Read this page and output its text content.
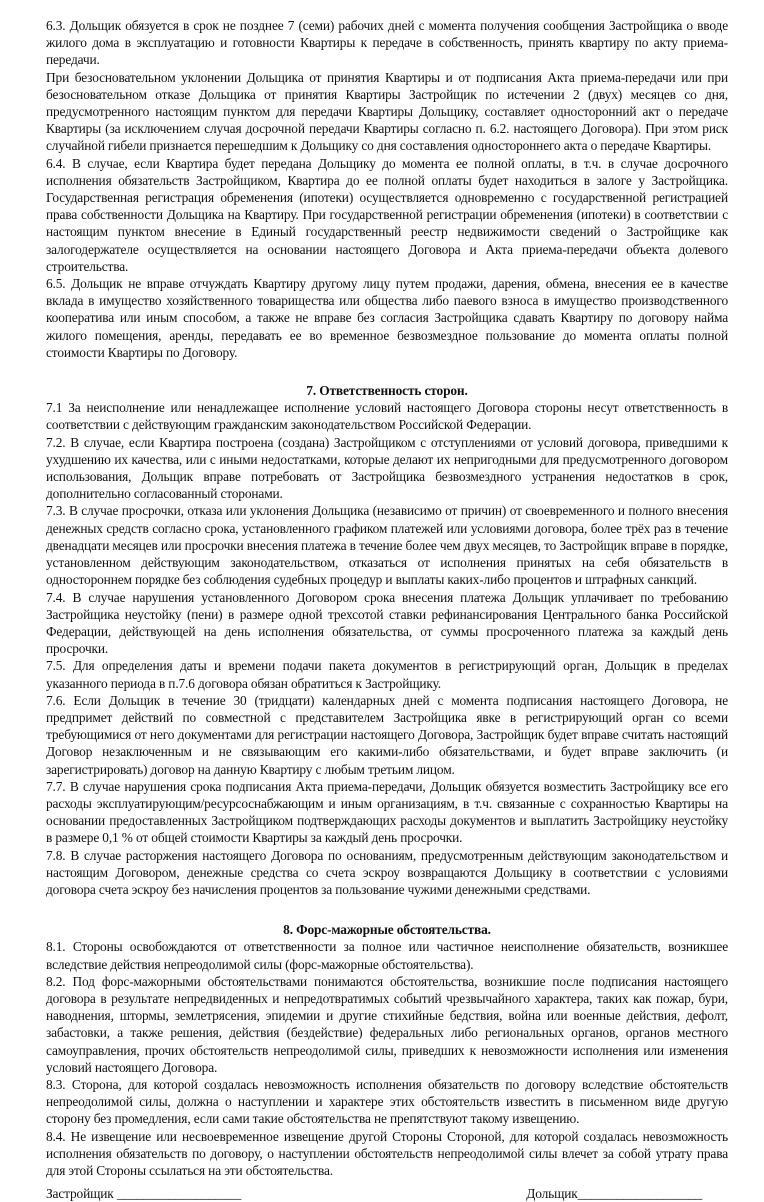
6.3. Дольщик обязуется в срок не позднее 7 (семи) рабочих дней с момента получения сообщения Застройщика о вводе жилого дома в эксплуатацию и готовности Квартиры к передаче в собственность, принять квартиру по акту приема-передачи.

При безосновательном уклонении Дольщика от принятия Квартиры и от подписания Акта приема-передачи или при безосновательном отказе Дольщика от принятия Квартиры Застройщик по истечении 2 (двух) месяцев со дня, предусмотренного настоящим пунктом для передачи Квартиры Дольщику, составляет односторонний акт о передаче Квартиры (за исключением случая досрочной передачи Квартиры согласно п. 6.2. настоящего Договора). При этом риск случайной гибели признается перешедшим к Дольщику со дня составления одностороннего акта о передаче Квартиры.

6.4. В случае, если Квартира будет передана Дольщику до момента ее полной оплаты, в т.ч. в случае досрочного исполнения обязательств Застройщиком, Квартира до ее полной оплаты будет находиться в залоге у Застройщика. Государственная регистрация обременения (ипотеки) осуществляется одновременно с государственной регистрацией права собственности Дольщика на Квартиру. При государственной регистрации обременения (ипотеки) в соответствии с настоящим пунктом внесение в Единый государственный реестр недвижимости сведений о Застройщике как залогодержателе осуществляется на основании настоящего Договора и Акта приема-передачи объекта долевого строительства.

6.5. Дольщик не вправе отчуждать Квартиру другому лицу путем продажи, дарения, обмена, внесения ее в качестве вклада в имущество хозяйственного товарищества или общества либо паевого взноса в имущество производственного кооператива или иным способом, а также не вправе без согласия Застройщика сдавать Квартиру по договору найма жилого помещения, аренды, передавать ее во временное безвозмездное пользование до момента оплаты полной стоимости Квартиры по Договору.

7. Ответственность сторон.

7.1 За неисполнение или ненадлежащее исполнение условий настоящего Договора стороны несут ответственность в соответствии с действующим гражданским законодательством Российской Федерации.

7.2. В случае, если Квартира построена (создана) Застройщиком с отступлениями от условий договора, приведшими к ухудшению их качества, или с иными недостатками, которые делают их непригодными для предусмотренного договором использования, Дольщик вправе потребовать от Застройщика безвозмездного устранения недостатков в срок, дополнительно согласованный сторонами.

7.3. В случае просрочки, отказа или уклонения Дольщика (независимо от причин) от своевременного и полного внесения денежных средств согласно срока, установленного графиком платежей или условиями договора, более трёх раз в течение двенадцати месяцев или просрочки внесения платежа в течение более чем двух месяцев, то Застройщик вправе в порядке, установленном действующим законодательством, отказаться от исполнения принятых на себя обязательств в одностороннем порядке без соблюдения судебных процедур и выплаты каких-либо процентов и штрафных санкций.

7.4. В случае нарушения установленного Договором срока внесения платежа Дольщик уплачивает по требованию Застройщика неустойку (пени) в размере одной трехсотой ставки рефинансирования Центрального банка Российской Федерации, действующей на день исполнения обязательства, от суммы просроченного платежа за каждый день просрочки.

7.5. Для определения даты и времени подачи пакета документов в регистрирующий орган, Дольщик в пределах указанного периода в п.7.6 договора обязан обратиться к Застройщику.

7.6. Если Дольщик в течение 30 (тридцати) календарных дней с момента подписания настоящего Договора, не предпримет действий по совместной с представителем Застройщика явке в регистрирующий орган со всеми требующимися от него документами для регистрации настоящего Договора, Застройщик будет вправе считать настоящий Договор незаключенным и не связывающим его какими-либо обязательствами, и будет вправе заключить (и зарегистрировать) договор на данную Квартиру с любым третьим лицом.

7.7. В случае нарушения срока подписания Акта приема-передачи, Дольщик обязуется возместить Застройщику все его расходы эксплуатирующим/ресурсоснабжающим и иным организациям, в т.ч. связанные с сохранностью Квартиры на основании предоставленных Застройщиком подтверждающих расходы документов и выплатить Застройщику неустойку в размере 0,1 % от общей стоимости Квартиры за каждый день просрочки.

7.8. В случае расторжения настоящего Договора по основаниям, предусмотренным действующим законодательством и настоящим Договором, денежные средства со счета эскроу возвращаются Дольщику в соответствии с условиями договора счета эскроу без начисления процентов за пользование чужими денежными средствами.

8. Форс-мажорные обстоятельства.

8.1. Стороны освобождаются от ответственности за полное или частичное неисполнение обязательств, возникшее вследствие действия непреодолимой силы (форс-мажорные обстоятельства).

8.2. Под форс-мажорными обстоятельствами понимаются обстоятельства, возникшие после подписания настоящего договора в результате непредвиденных и непредотвратимых событий чрезвычайного характера, таких как пожар, бури, наводнения, штормы, землетрясения, эпидемии и другие стихийные бедствия, война или военные действия, дефолт, забастовки, а также решения, действия (бездействие) федеральных либо региональных органов, органов местного самоуправления, прочих обстоятельств непреодолимой силы, приведших к невозможности исполнения или изменения условий настоящего Договора.

8.3. Сторона, для которой создалась невозможность исполнения обязательств по договору вследствие обстоятельств непреодолимой силы, должна о наступлении и характере этих обстоятельств известить в письменном виде другую сторону без промедления, если сами такие обстоятельства не препятствуют такому извещению.

8.4. Не извещение или несвоевременное извещение другой Стороны Стороной, для которой создалась невозможность исполнения обязательств по договору, о наступлении обстоятельств непреодолимой силы влечет за собой утрату права для этой Стороны ссылаться на эти обстоятельства.

Застройщик ___________________	Дольщик___________________
